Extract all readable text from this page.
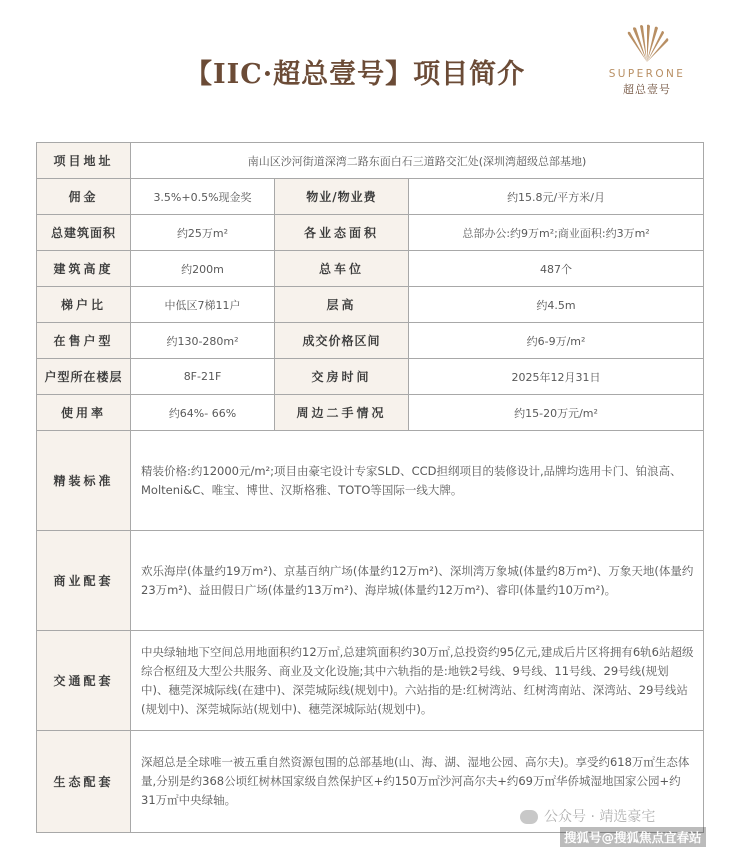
【IIC·超总壹号】项目简介	SUPERONE
超总壹号
项目地址	南山区沙河街道深湾二路东面白石三道路交汇处(深圳湾超级总部基地)		
佣金	3.5%+0.5%现金奖	物业/物业费	约15.8元/平方米/月
总建筑面积	约25万m²	各业态面积	总部办公:约9万m²;商业面积:约3万m²
建筑高度	约200m	总车位	487个
梯户比	中低区7梯11户	层高	约4.5m
在售户型	约130-280m²	成交价格区间	约6-9万/m²
户型所在楼层	8F-21F	交房时间	2025年12月31日
使用率	约64%- 66%	周边二手情况	约15-20万元/m²
精装标准	精装价格:约12000元/m²;项目由豪宅设计专家SLD、CCD担纲项目的装修设计,品牌均选用卡门、铂浪高、Molteni&C、唯宝、博世、汉斯格雅、TOTO等国际一线大牌。		
商业配套	欢乐海岸(体量约19万m²)、京基百纳广场(体量约12万m²)、深圳湾万象城(体量约8万m²)、万象天地(体量约23万m²)、益田假日广场(体量约13万m²)、海岸城(体量约12万m²)、睿印(体量约10万m²)。		
交通配套	中央绿轴地下空间总用地面积约12万㎡,总建筑面积约30万㎡,总投资约95亿元,建成后片区将拥有6轨6站超级综合枢纽及大型公共服务、商业及文化设施;其中六轨指的是:地铁2号线、9号线、11号线、29号线(规划中)、穗莞深城际线(在建中)、深莞城际线(规划中)。六站指的是:红树湾站、红树湾南站、深湾站、29号线站(规划中)、深莞城际站(规划中)、穗莞深城际站(规划中)。		
生态配套	深超总是全球唯一被五重自然资源包围的总部基地(山、海、湖、湿地公园、高尔夫)。享受约618万㎡生态体量,分别是约368公顷红树林国家级自然保护区+约150万㎡沙河高尔夫+约69万㎡华侨城湿地国家公园+约31万㎡中央绿轴。		
公众号 · 靖选豪宅
搜狐号@搜狐焦点宜春站
